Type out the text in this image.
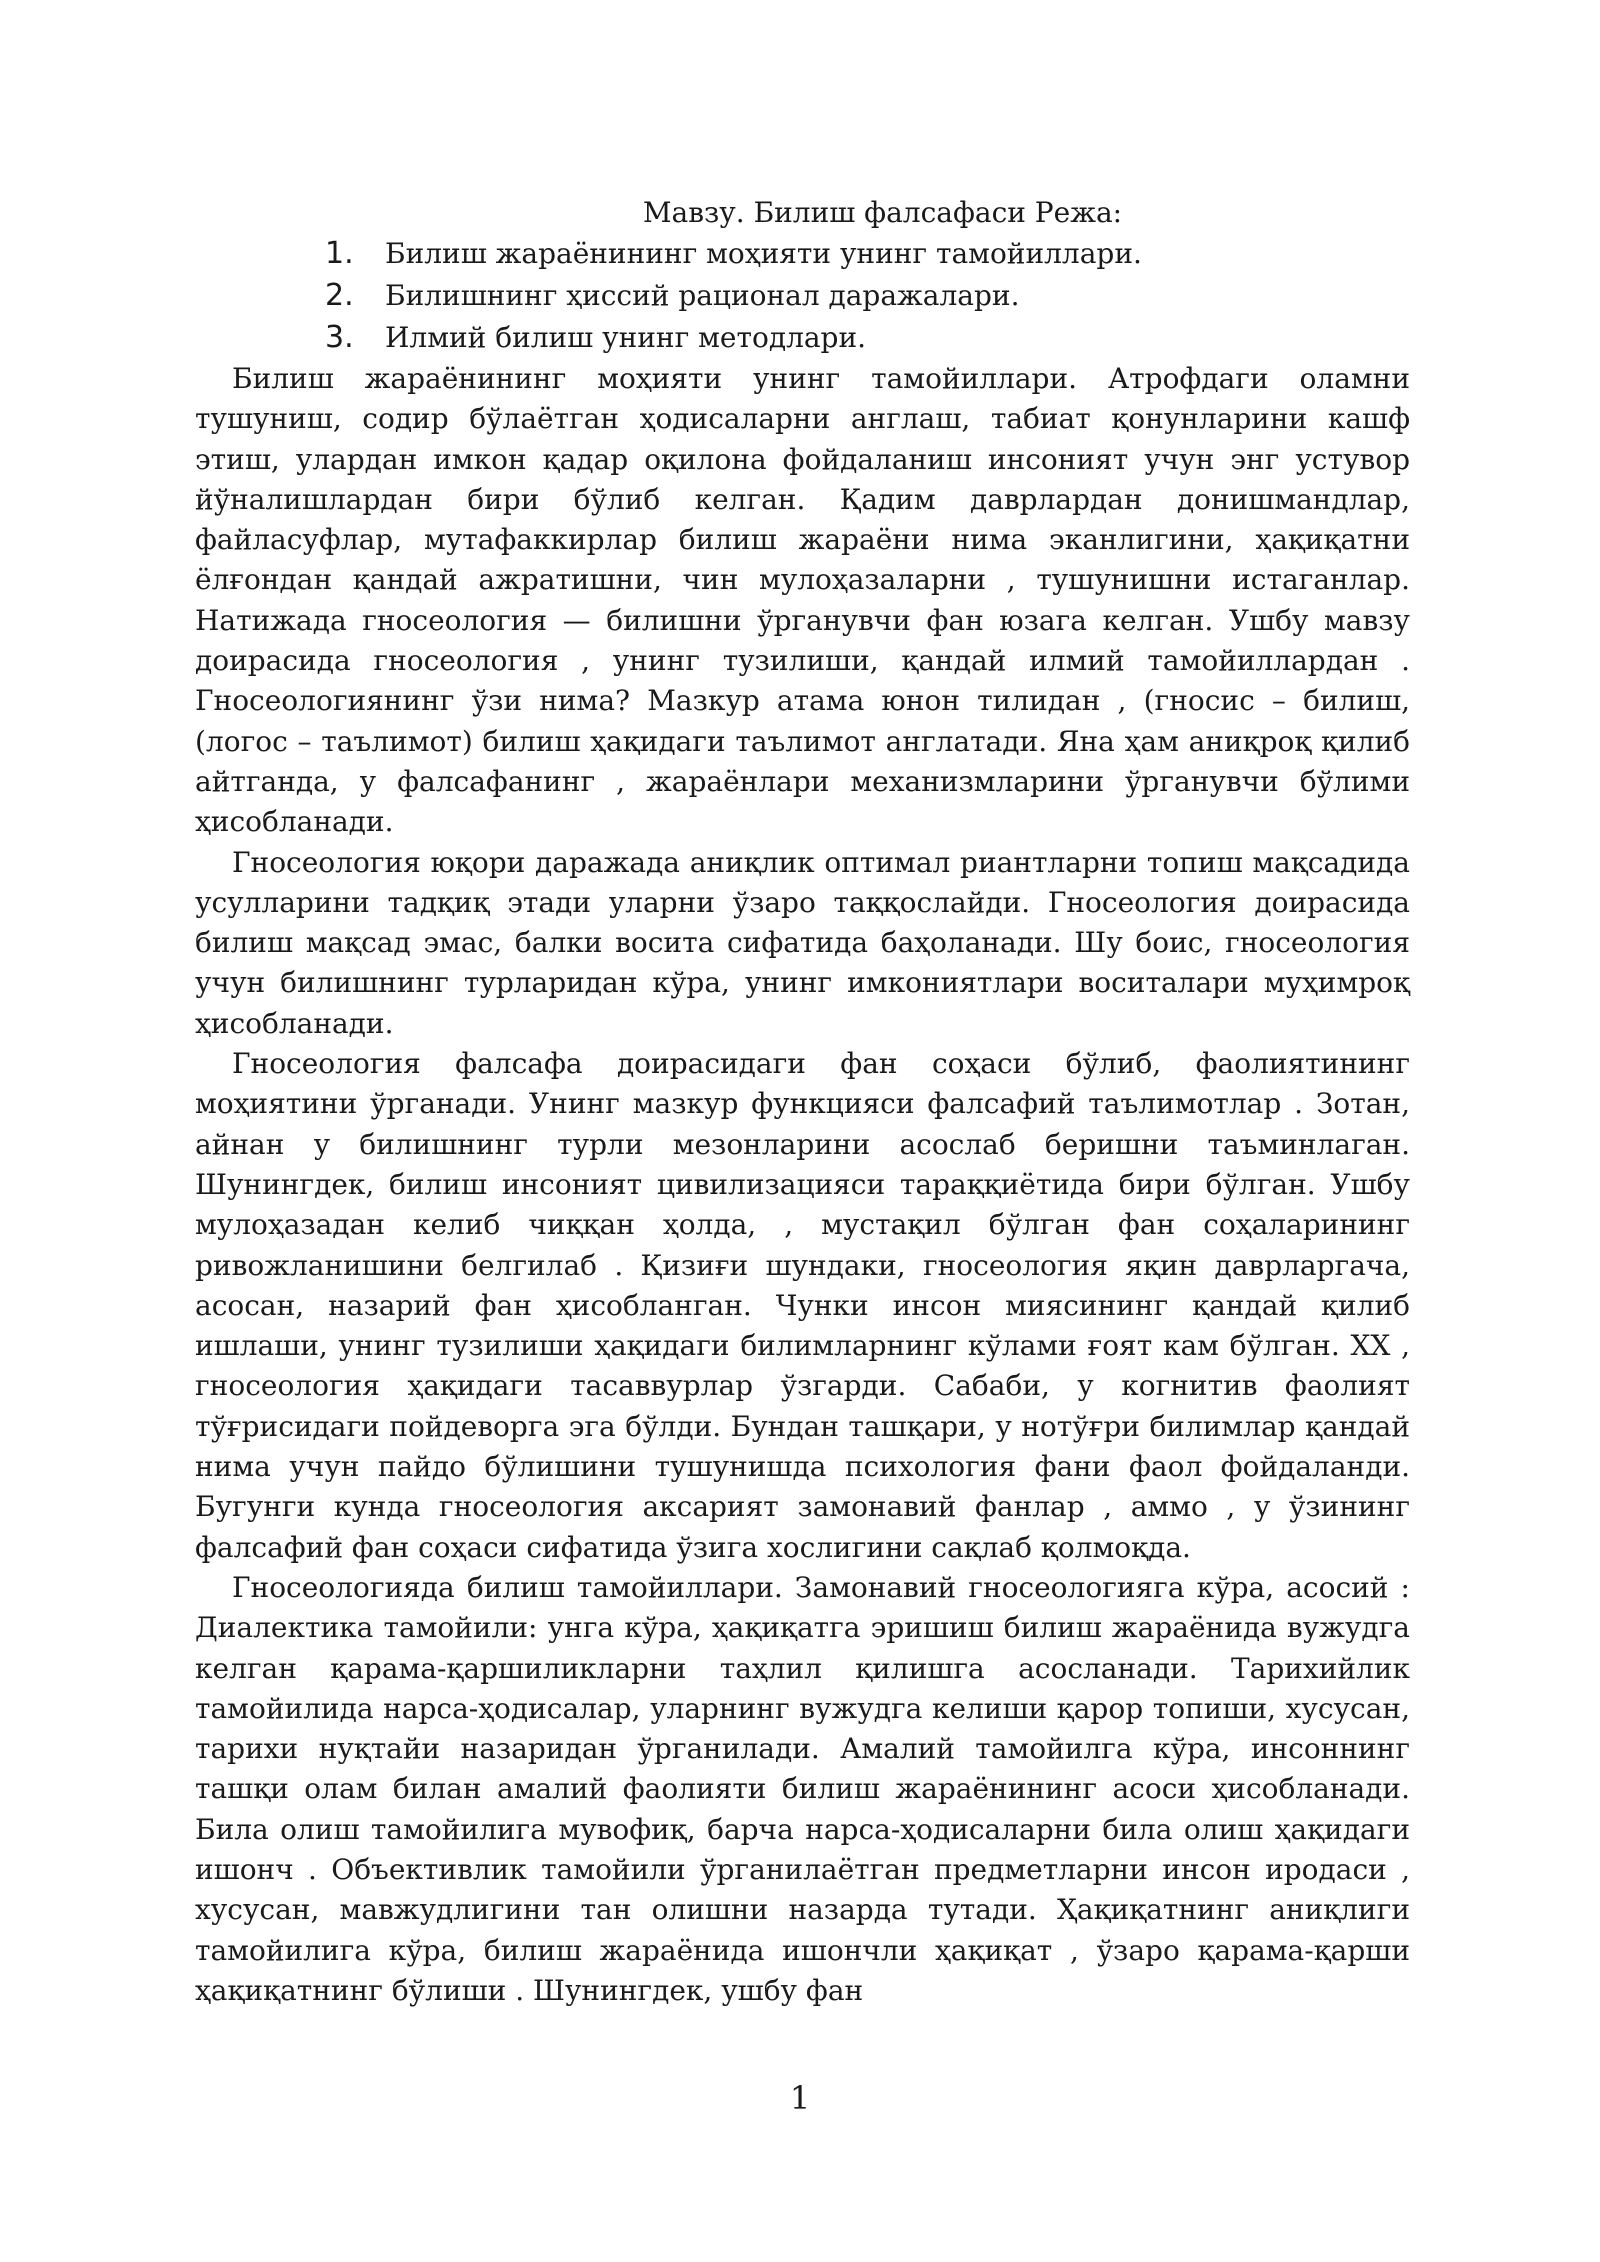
Мавзу. Билиш фалсафаси Режа:
1. Билиш жараёнининг моҳияти унинг тамойиллари.
2. Билишнинг ҳиссий рационал даражалари.
3. Илмий билиш унинг методлари.

Билиш жараёнининг моҳияти унинг тамойиллари. Атрофдаги оламни тушуниш, содир бўлаётган ҳодисаларни англаш, табиат қонунларини кашф этиш, улардан имкон қадар оқилона фойдаланиш инсоният учун энг устувор йўналишлардан бири бўлиб келган. Қадим даврлардан донишмандлар, файласуфлар, мутафаккирлар билиш жараёни нима эканлигини, ҳақиқатни ёлғондан қандай ажратишни, чин мулоҳазаларни , тушунишни истаганлар. Натижада гносеология — билишни ўрганувчи фан юзага келган. Ушбу мавзу доирасида гносеология , унинг тузилиши, қандай илмий тамойиллардан . Гносеологиянинг ўзи нима? Мазкур атама юнон тилидан , (гносис – билиш, (логос – таълимот) билиш ҳақидаги таълимот англатади. Яна ҳам аниқроқ қилиб айтганда, у фалсафанинг , жараёнлари механизмларини ўрганувчи бўлими ҳисобланади.

Гносеология юқори даражада аниқлик оптимал риантларни топиш мақсадида усулларини тадқиқ этади уларни ўзаро таққослайди. Гносеология доирасида билиш мақсад эмас, балки восита сифатида баҳоланади. Шу боис, гносеология учун билишнинг турларидан кўра, унинг имкониятлари воситалари муҳимроқ ҳисобланади.

Гносеология фалсафа доирасидаги фан соҳаси бўлиб, фаолиятининг моҳиятини ўрганади. Унинг мазкур функцияси фалсафий таълимотлар . Зотан, айнан у билишнинг турли мезонларини асослаб беришни таъминлаган. Шунингдек, билиш инсоният цивилизацияси тараққиётида бири бўлган. Ушбу мулоҳазадан келиб чиққан ҳолда, , мустақил бўлган фан соҳаларининг ривожланишини белгилаб . Қизиғи шундаки, гносеология яқин даврларгача, асосан, назарий фан ҳисобланган. Чунки инсон миясининг қандай қилиб ишлаши, унинг тузилиши ҳақидаги билимларнинг кўлами ғоят кам бўлган. XX , гносеология ҳақидаги тасаввурлар ўзгарди. Сабаби, у когнитив фаолият тўғрисидаги пойдеворга эга бўлди. Бундан ташқари, у нотўғри билимлар қандай нима учун пайдо бўлишини тушунишда психология фани фаол фойдаланди. Бугунги кунда гносеология аксарият замонавий фанлар , аммо , у ўзининг фалсафий фан соҳаси сифатида ўзига хослигини сақлаб қолмоқда.

Гносеологияда билиш тамойиллари. Замонавий гносеологияга кўра, асосий : Диалектика тамойили: унга кўра, ҳақиқатга эришиш билиш жараёнида вужудга келган қарама-қаршиликларни таҳлил қилишга асосланади. Тарихийлик тамойилида нарса-ҳодисалар, уларнинг вужудга келиши қарор топиши, хусусан, тарихи нуқтайи назаридан ўрганилади. Амалий тамойилга кўра, инсоннинг ташқи олам билан амалий фаолияти билиш жараёнининг асоси ҳисобланади. Била олиш тамойилига мувофиқ, барча нарса-ҳодисаларни била олиш ҳақидаги ишонч . Объективлик тамойили ўрганилаётган предметларни инсон иродаси , хусусан, мавжудлигини тан олишни назарда тутади. Ҳақиқатнинг аниқлиги тамойилига кўра, билиш жараёнида ишончли ҳақиқат , ўзаро қарама-қарши ҳақиқатнинг бўлиши . Шунингдек, ушбу фан

1
